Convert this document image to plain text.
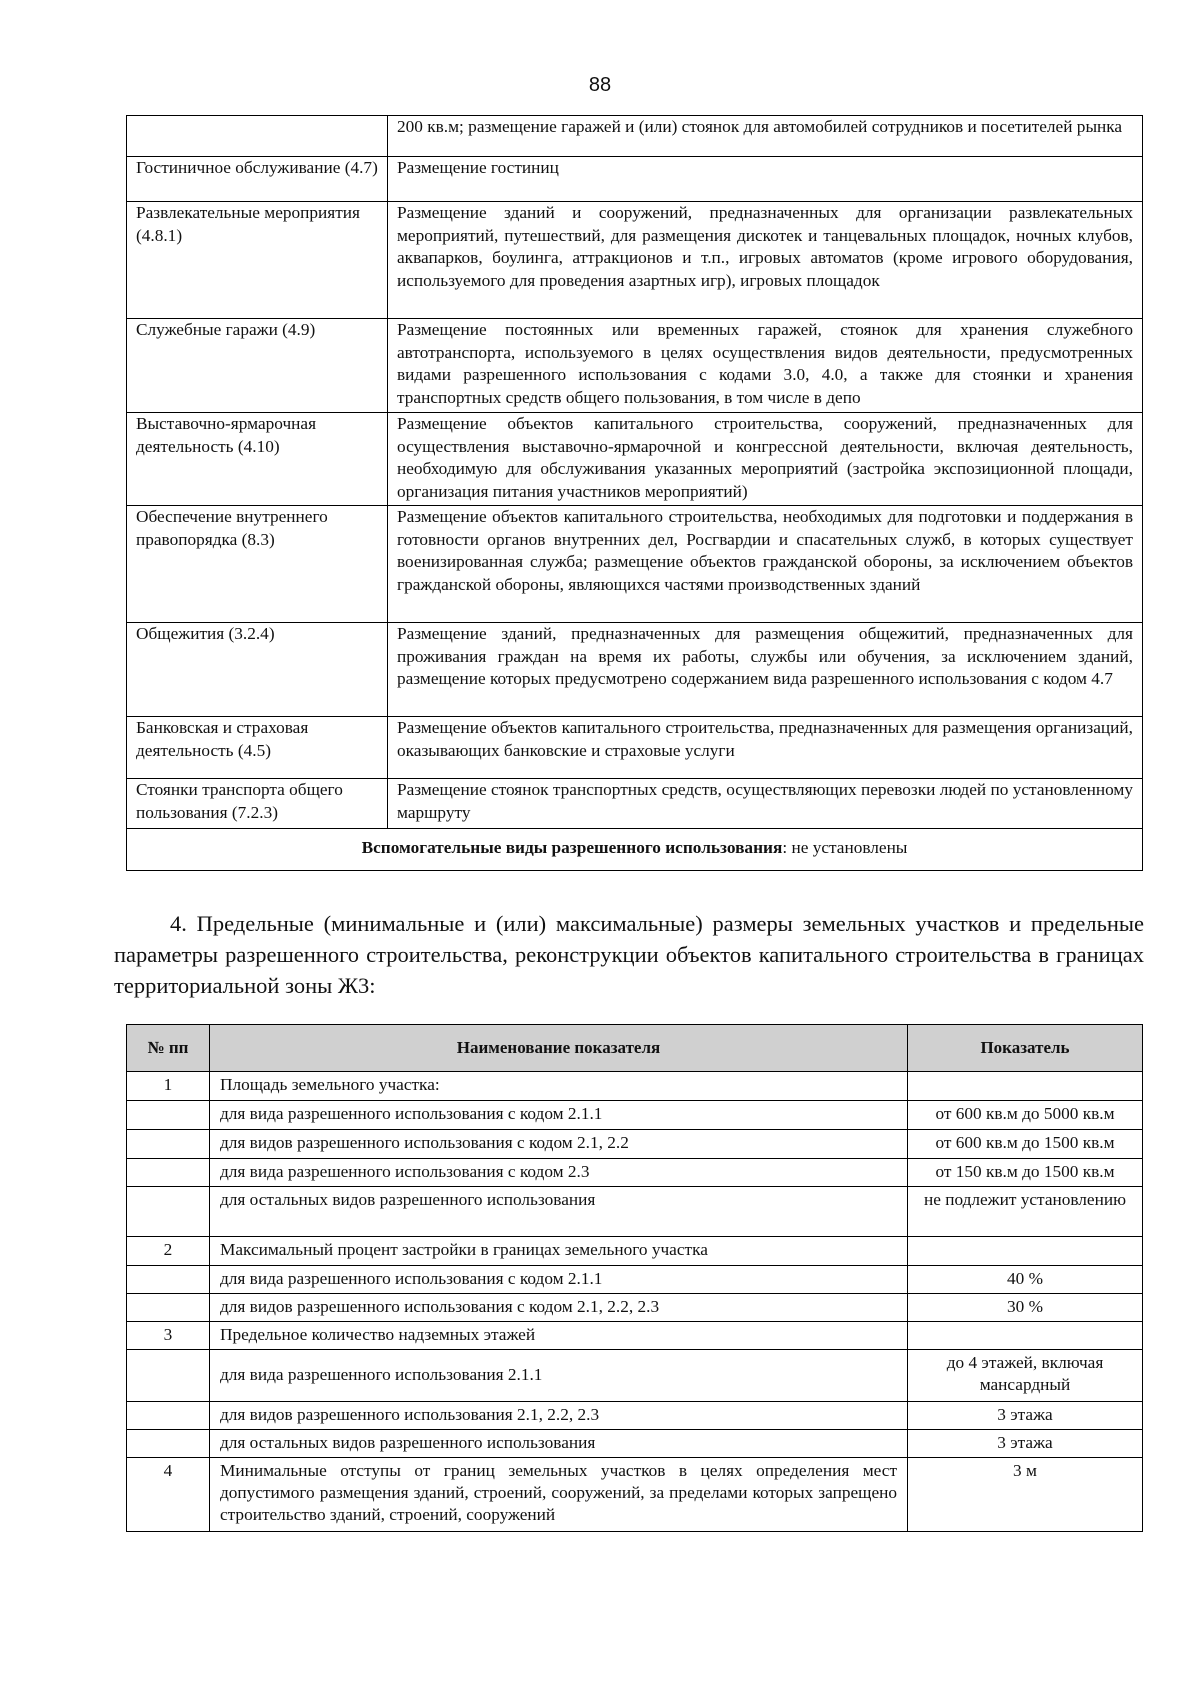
88
	200 кв.м; размещение гаражей и (или) стоянок для автомобилей сотрудников и посетителей рынка
Гостиничное обслуживание (4.7)	Размещение гостиниц
Развлекательные мероприятия (4.8.1)	Размещение зданий и сооружений, предназначенных для организации развлекательных мероприятий, путешествий, для размещения дискотек и танцевальных площадок, ночных клубов, аквапарков, боулинга, аттракционов и т.п., игровых автоматов (кроме игрового оборудования, используемого для проведения азартных игр), игровых площадок
Служебные гаражи (4.9)	Размещение постоянных или временных гаражей, стоянок для хранения служебного автотранспорта, используемого в целях осуществления видов деятельности, предусмотренных видами разрешенного использования с кодами 3.0, 4.0, а также для стоянки и хранения транспортных средств общего пользования, в том числе в депо
Выставочно-ярмарочная деятельность (4.10)	Размещение объектов капитального строительства, сооружений, предназначенных для осуществления выставочно-ярмарочной и конгрессной деятельности, включая деятельность, необходимую для обслуживания указанных мероприятий (застройка экспозиционной площади, организация питания участников мероприятий)
Обеспечение внутреннего правопорядка (8.3)	Размещение объектов капитального строительства, необходимых для подготовки и поддержания в готовности органов внутренних дел, Росгвардии и спасательных служб, в которых существует военизированная служба; размещение объектов гражданской обороны, за исключением объектов гражданской обороны, являющихся частями производственных зданий
Общежития (3.2.4)	Размещение зданий, предназначенных для размещения общежитий, предназначенных для проживания граждан на время их работы, службы или обучения, за исключением зданий, размещение которых предусмотрено содержанием вида разрешенного использования с кодом 4.7
Банковская и страховая деятельность (4.5)	Размещение объектов капитального строительства, предназначенных для размещения организаций, оказывающих банковские и страховые услуги
Стоянки транспорта общего пользования (7.2.3)	Размещение стоянок транспортных средств, осуществляющих перевозки людей по установленному маршруту
Вспомогательные виды разрешенного использования: не установлены	
4. Предельные (минимальные и (или) максимальные) размеры земельных участков и предельные параметры разрешенного строительства, реконструкции объектов капитального строительства в границах территориальной зоны Ж3:
№ пп	Наименование показателя	Показатель
1	Площадь земельного участка:	
	для вида разрешенного использования с кодом 2.1.1	от 600 кв.м до 5000 кв.м
	для видов разрешенного использования с кодом 2.1, 2.2	от 600 кв.м до 1500 кв.м
	для вида разрешенного использования с кодом 2.3	от 150 кв.м до 1500 кв.м
	для остальных видов разрешенного использования	не подлежит установлению
2	Максимальный процент застройки в границах земельного участка	
	для вида разрешенного использования с кодом 2.1.1	40 %
	для видов разрешенного использования с кодом 2.1, 2.2, 2.3	30 %
3	Предельное количество надземных этажей	
	для вида разрешенного использования 2.1.1	до 4 этажей, включая мансардный
	для видов разрешенного использования 2.1, 2.2, 2.3	3 этажа
	для остальных видов разрешенного использования	3 этажа
4	Минимальные отступы от границ земельных участков в целях определения мест допустимого размещения зданий, строений, сооружений, за пределами которых запрещено строительство зданий, строений, сооружений	3 м
